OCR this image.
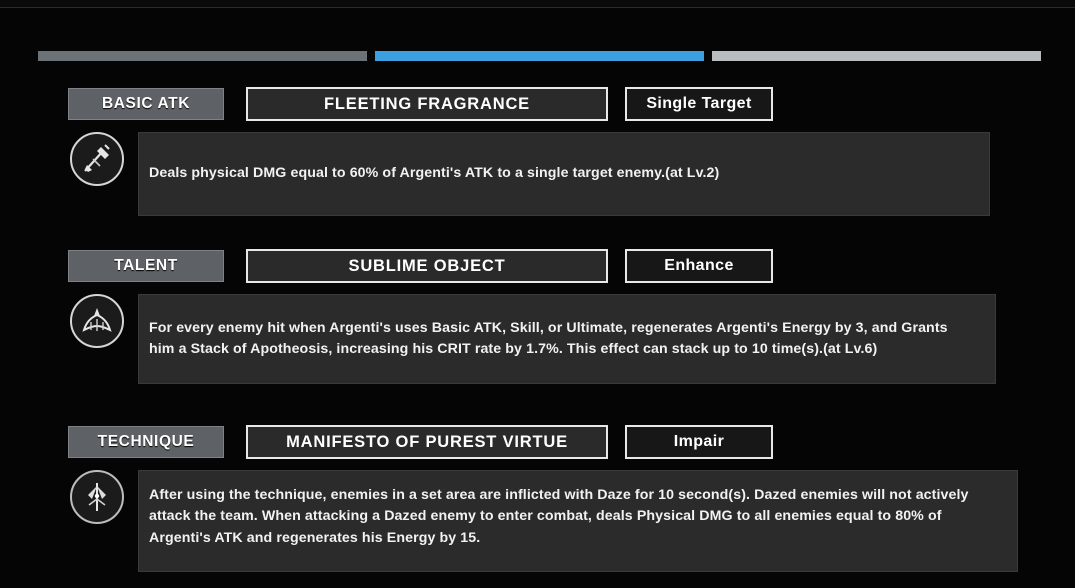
BASIC ATK	FLEETING FRAGRANCE	Single Target
Deals physical DMG equal to 60% of Argenti's ATK to a single target enemy.(at Lv.2)
TALENT	SUBLIME OBJECT	Enhance
For every enemy hit when Argenti's uses Basic ATK, Skill, or Ultimate, regenerates Argenti's Energy by 3, and Grants him a Stack of Apotheosis, increasing his CRIT rate by 1.7%. This effect can stack up to 10 time(s).(at Lv.6)
TECHNIQUE	MANIFESTO OF PUREST VIRTUE	Impair
After using the technique, enemies in a set area are inflicted with Daze for 10 second(s). Dazed enemies will not actively attack the team. When attacking a Dazed enemy to enter combat, deals Physical DMG to all enemies equal to 80% of Argenti's ATK and regenerates his Energy by 15.
